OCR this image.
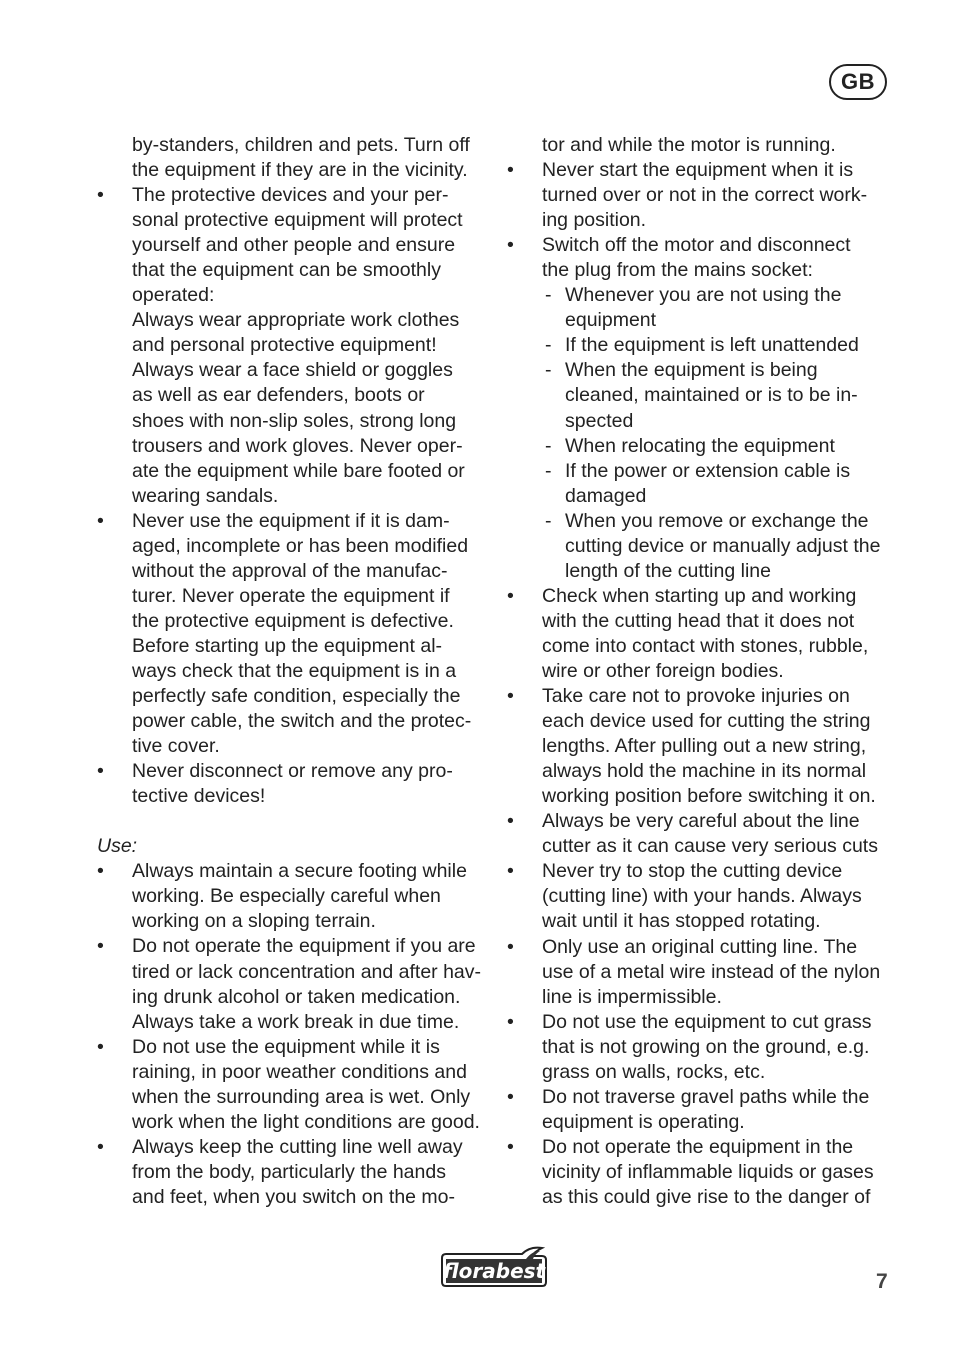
GB
by-standers, children and pets. Turn off
the equipment if they are in the vicinity.
• The protective devices and your per-
sonal protective equipment will protect
yourself and other people and ensure
that the equipment can be smoothly
operated:
Always wear appropriate work clothes
and personal protective equipment!
Always wear a face shield or goggles
as well as ear defenders, boots or
shoes with non-slip soles, strong long
trousers and work gloves. Never oper-
ate the equipment while bare footed or
wearing sandals.
• Never use the equipment if it is dam-
aged, incomplete or has been modified
without the approval of the manufac-
turer. Never operate the equipment if
the protective equipment is defective.
Before starting up the equipment al-
ways check that the equipment is in a
perfectly safe condition, especially the
power cable, the switch and the protec-
tive cover.
• Never disconnect or remove any pro-
tective devices!
Use:
• Always maintain a secure footing while
working. Be especially careful when
working on a sloping terrain.
• Do not operate the equipment if you are
tired or lack concentration and after hav-
ing drunk alcohol or taken medication.
Always take a work break in due time.
• Do not use the equipment while it is
raining, in poor weather conditions and
when the surrounding area is wet. Only
work when the light conditions are good.
• Always keep the cutting line well away
from the body, particularly the hands
and feet, when you switch on the mo-
tor and while the motor is running.
• Never start the equipment when it is
turned over or not in the correct work-
ing position.
• Switch off the motor and disconnect
the plug from the mains socket:
- Whenever you are not using the
equipment
- If the equipment is left unattended
- When the equipment is being
cleaned, maintained or is to be in-
spected
- When relocating the equipment
- If the power or extension cable is
damaged
- When you remove or exchange the
cutting device or manually adjust the
length of the cutting line
• Check when starting up and working
with the cutting head that it does not
come into contact with stones, rubble,
wire or other foreign bodies.
• Take care not to provoke injuries on
each device used for cutting the string
lengths. After pulling out a new string,
always hold the machine in its normal
working position before switching it on.
• Always be very careful about the line
cutter as it can cause very serious cuts
• Never try to stop the cutting device
(cutting line) with your hands. Always
wait until it has stopped rotating.
• Only use an original cutting line. The
use of a metal wire instead of the nylon
line is impermissible.
• Do not use the equipment to cut grass
that is not growing on the ground, e.g.
grass on walls, rocks, etc.
• Do not traverse gravel paths while the
equipment is operating.
• Do not operate the equipment in the
vicinity of inflammable liquids or gases
as this could give rise to the danger of
florabest	7
